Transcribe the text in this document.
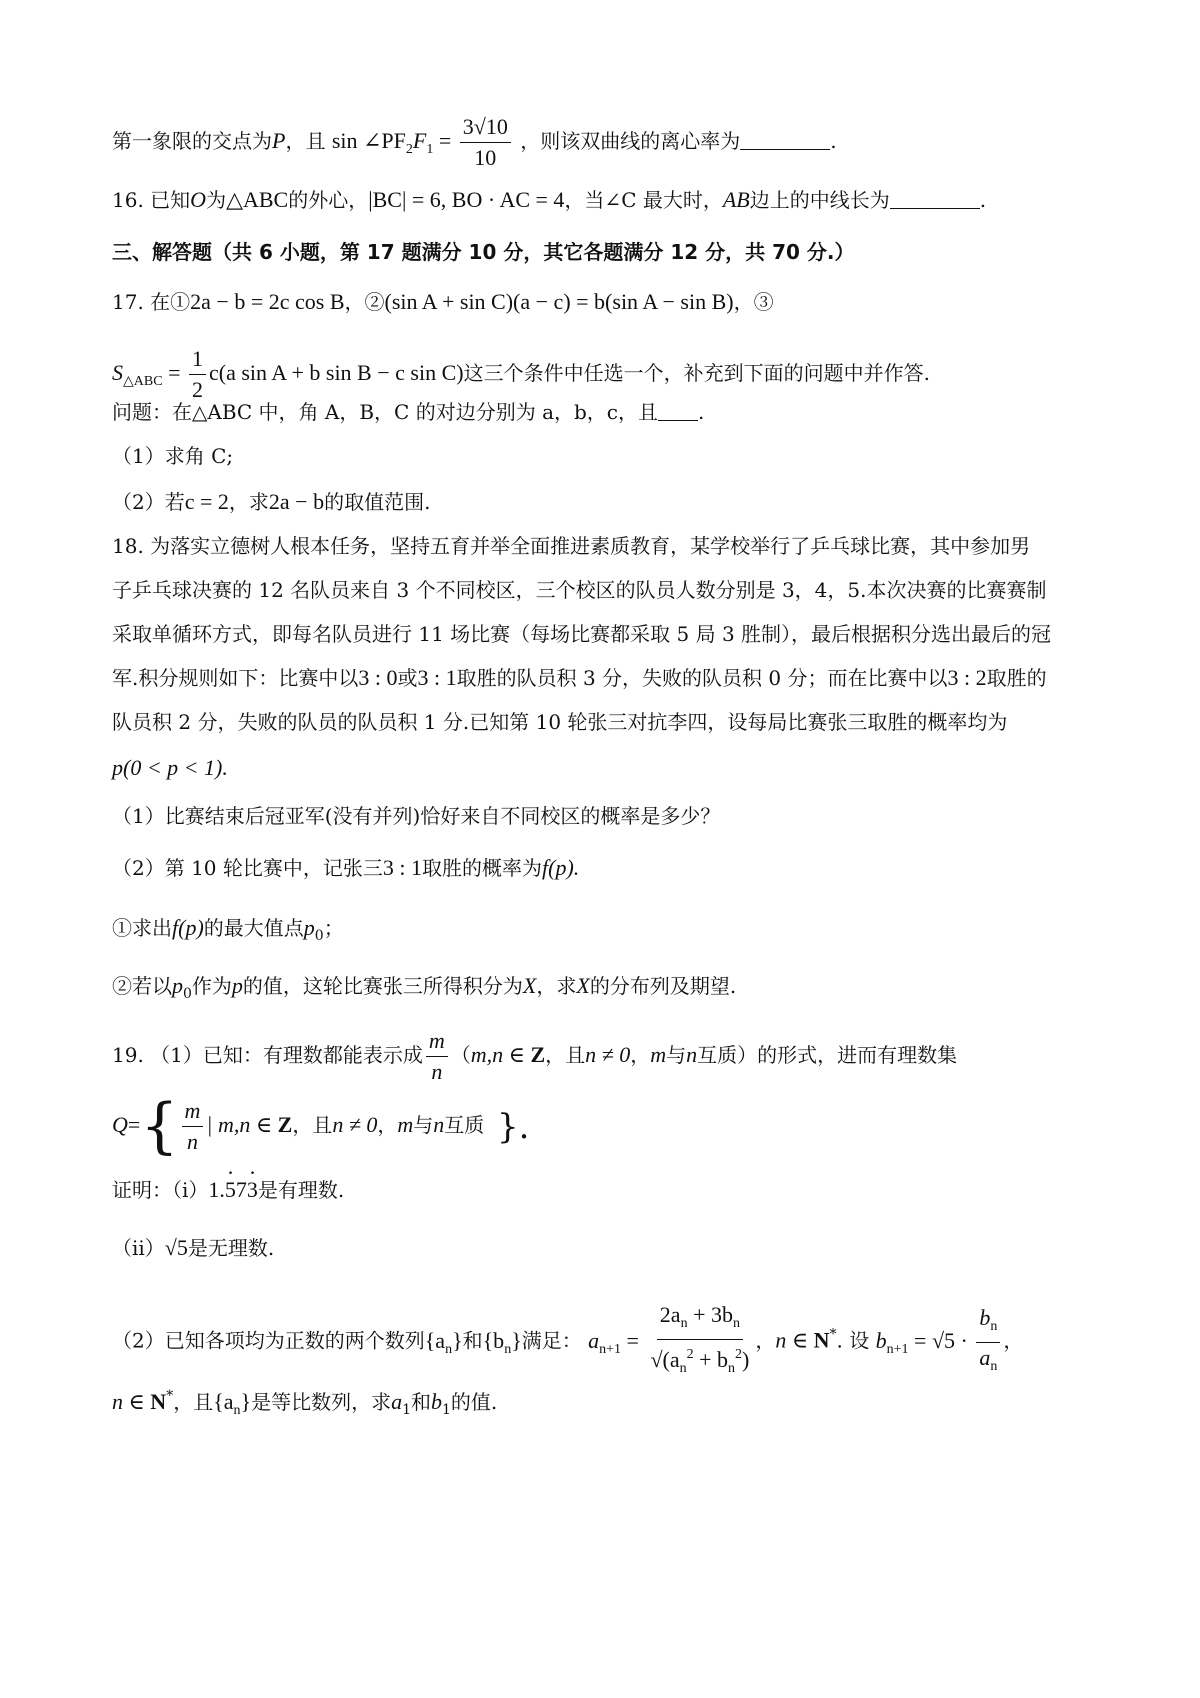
第一象限的交点为P，且 $\sin \angle PF_2F_1 = \frac{3√10}{10}$ ，则该双曲线的离心率为	.
16. 已知O为△ABC的外心，|BC| = 6, BO · AC = 4，当∠C 最大时，AB边上的中线长为	.
三、解答题（共 6 小题，第 17 题满分 10 分，其它各题满分 12 分，共 70 分.）
17. 在①2a − b = 2c cos B，②(sin A + sin C)(a − c) = b(sin A − sin B)，③
$S_{\triangle ABC} = \frac{1}{2} c(a$ sin A + b sin B − c sin C)这三个条件中任选一个，补充到下面的问题中并作答.
问题：在△ABC 中，角 A，B，C 的对边分别为 a，b，c，且 .
（1）求角 C;
（2）若c = 2，求2a − b的取值范围.
18. 为落实立德树人根本任务，坚持五育并举全面推进素质教育，某学校举行了乒乓球比赛，其中参加男
子乒乓球决赛的 12 名队员来自 3 个不同校区，三个校区的队员人数分别是 3，4，5.本次决赛的比赛赛制
采取单循环方式，即每名队员进行 11 场比赛（每场比赛都采取 5 局 3 胜制），最后根据积分选出最后的冠
军.积分规则如下：比赛中以3 : 0或3 : 1取胜的队员积 3 分，失败的队员积 0 分；而在比赛中以3 : 2取胜的
队员积 2 分，失败的队员的队员积 1 分.已知第 10 轮张三对抗李四，设每局比赛张三取胜的概率均为
p(0 < p < 1).
（1）比赛结束后冠亚军(没有并列)恰好来自不同校区的概率是多少？
（2）第 10 轮比赛中，记张三3 : 1取胜的概率为f(p).
①求出f(p)的最大值点$p_0$；
②若以$p_0$作为p的值，这轮比赛张三所得积分为X，求X的分布列及期望.
19. （1）已知：有理数都能表示成 $\frac{m}{n} (m,n$ ∈ Z，且n ≠ 0，m与n互质）的形式，进而有理数集
$Q=\{ \frac{m}{n}$ | m,n ∈ Z，且n ≠ 0，m与n互质 }.
证明：（i）1.· 57· 3是有理数.
（ii）√5是无理数.
（2）已知各项均为正数的两个数列$\{a_n\}$和$\{b_n\}$满足： $a_{n+1} = \frac{2a_n + 3b_n}{√(a_n^2 + b_n^2)}$ ，n ∈ N*. 设 $b_{n+1} = √5 \cdot \frac{b_n}{a_n}$ ，
n ∈ N*，且$\{a_n\}$是等比数列，求$a_1$和$b_1$的值.
